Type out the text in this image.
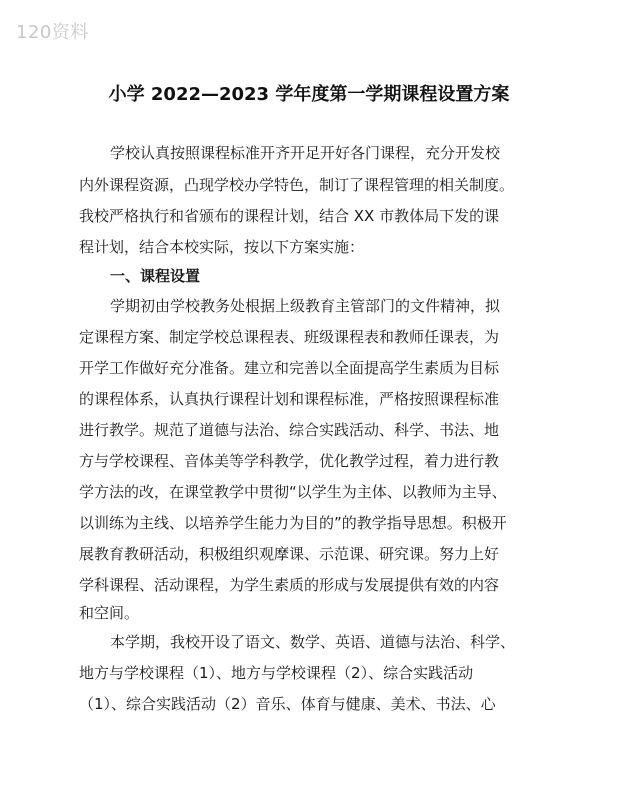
120资料
小学 2022—2023 学年度第一学期课程设置方案
学校认真按照课程标准开齐开足开好各门课程，充分开发校
内外课程资源，凸现学校办学特色，制订了课程管理的相关制度。
我校严格执行和省颁布的课程计划，结合 XX 市教体局下发的课
程计划，结合本校实际，按以下方案实施：
一、课程设置
学期初由学校教务处根据上级教育主管部门的文件精神，拟
定课程方案、制定学校总课程表、班级课程表和教师任课表，为
开学工作做好充分准备。建立和完善以全面提高学生素质为目标
的课程体系，认真执行课程计划和课程标准，严格按照课程标准
进行教学。规范了道德与法治、综合实践活动、科学、书法、地
方与学校课程、音体美等学科教学，优化教学过程，着力进行教
学方法的改，在课堂教学中贯彻“以学生为主体、以教师为主导、
以训练为主线、以培养学生能力为目的”的教学指导思想。积极开
展教育教研活动，积极组织观摩课、示范课、研究课。努力上好
学科课程、活动课程，为学生素质的形成与发展提供有效的内容
和空间。
本学期，我校开设了语文、数学、英语、道德与法治、科学、
地方与学校课程（1）、地方与学校课程（2）、综合实践活动
（1）、综合实践活动（2）音乐、体育与健康、美术、书法、心
